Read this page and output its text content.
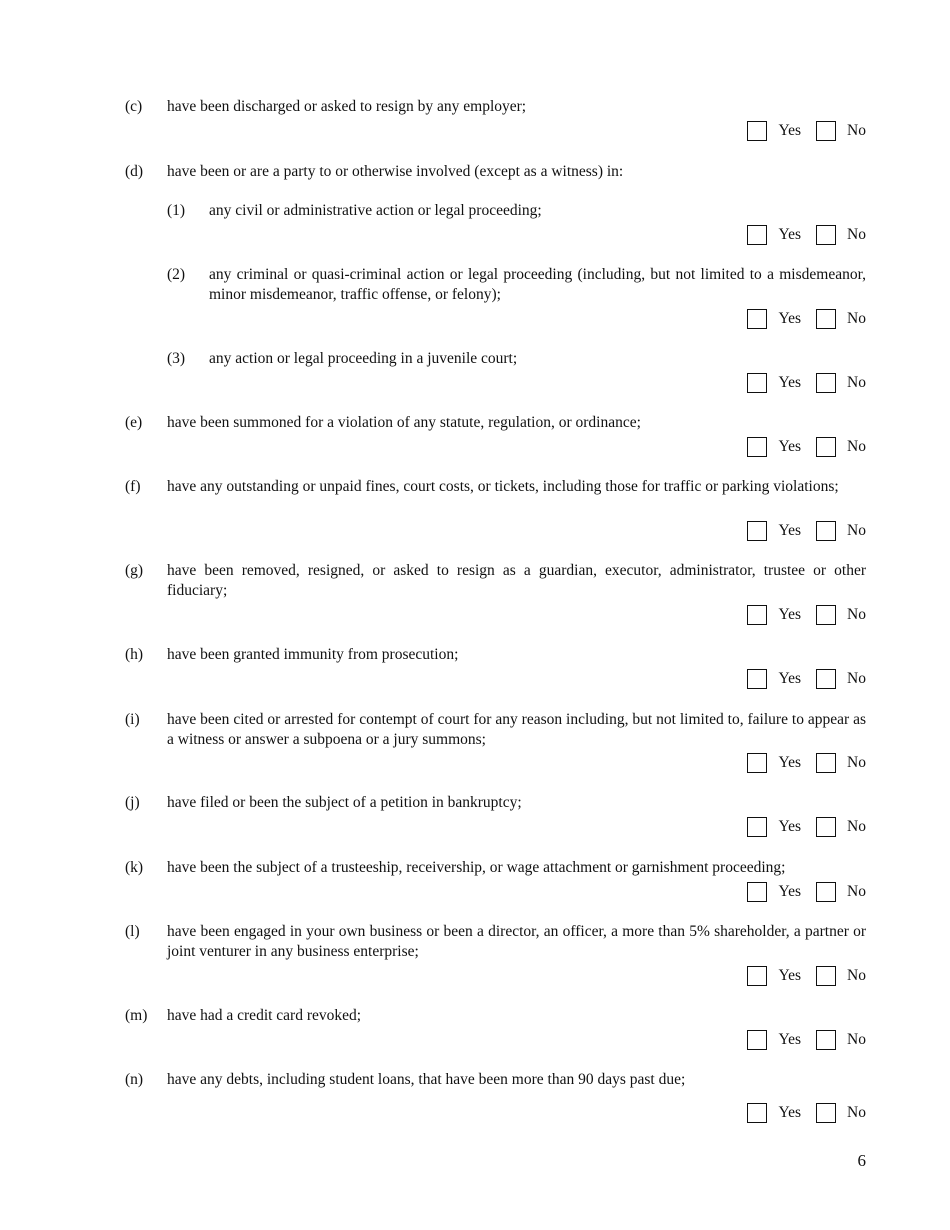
(c)	have been discharged or asked to resign by any employer;
Yes	No
(d)	have been or are a party to or otherwise involved (except as a witness) in:
(1)	any civil or administrative action or legal proceeding;
Yes	No
(2)	any criminal or quasi-criminal action or legal proceeding (including, but not limited to a misdemeanor, minor misdemeanor, traffic offense, or felony);
Yes	No
(3)	any action or legal proceeding in a juvenile court;
Yes	No
(e)	have been summoned for a violation of any statute, regulation, or ordinance;
Yes	No
(f)	have any outstanding or unpaid fines, court costs, or tickets, including those for traffic or parking violations;
Yes	No
(g)	have been removed, resigned, or asked to resign as a guardian, executor, administrator, trustee or other fiduciary;
Yes	No
(h)	have been granted immunity from prosecution;
Yes	No
(i)	have been cited or arrested for contempt of court for any reason including, but not limited to, failure to appear as a witness or answer a subpoena or a jury summons;
Yes	No
(j)	have filed or been the subject of a petition in bankruptcy;
Yes	No
(k)	have been the subject of a trusteeship, receivership, or wage attachment or garnishment proceeding;
Yes	No
(l)	have been engaged in your own business or been a director, an officer, a more than 5% shareholder, a partner or joint venturer in any business enterprise;
Yes	No
(m)	have had a credit card revoked;
Yes	No
(n)	have any debts, including student loans, that have been more than 90 days past due;
Yes	No
6
